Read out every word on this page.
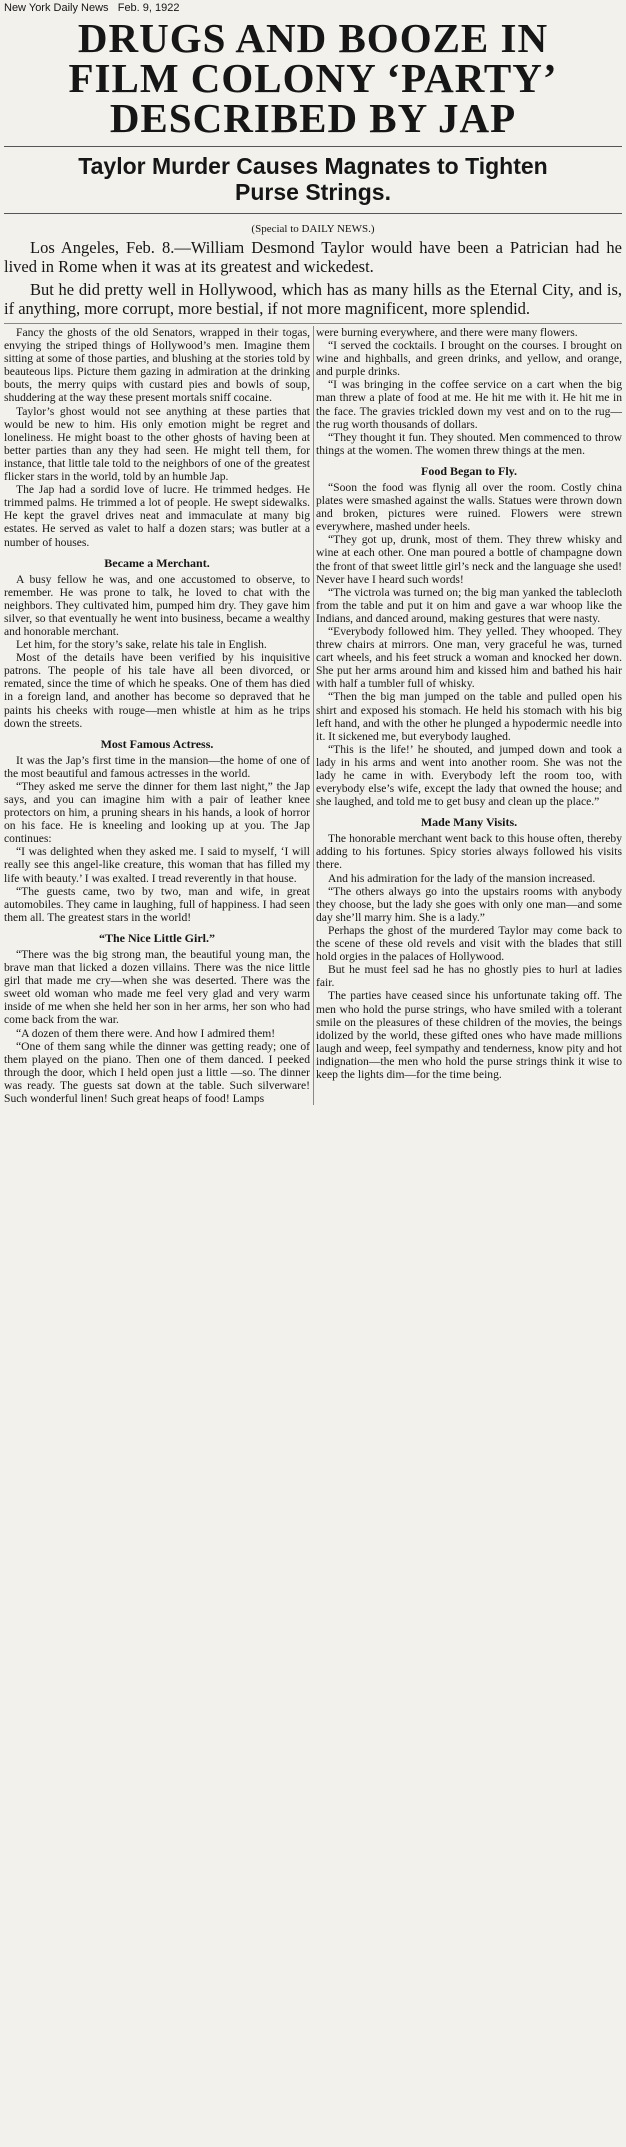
New York Daily News Feb. 9, 1922
DRUGS AND BOOZE IN
FILM COLONY ‘PARTY’
DESCRIBED BY JAP
Taylor Murder Causes Magnates to Tighten
Purse Strings.
(Special to DAILY NEWS.)

Los Angeles, Feb. 8.—William Desmond Taylor would have been a Patrician had he lived in Rome when it was at its greatest and wickedest.

But he did pretty well in Hollywood, which has as many hills as the Eternal City, and is, if anything, more corrupt, more bestial, if not more magnificent, more splendid.

Fancy the ghosts of the old Senators, wrapped in their togas, envying the striped things of Hollywood’s men. Imagine them sitting at some of those parties, and blushing at the stories told by beauteous lips. Picture them gazing in admiration at the drinking bouts, the merry quips with custard pies and bowls of soup, shuddering at the way these present mortals sniff cocaine.

Taylor’s ghost would not see anything at these parties that would be new to him. His only emotion might be regret and loneliness. He might boast to the other ghosts of having been at better parties than any they had seen. He might tell them, for instance, that little tale told to the neighbors of one of the greatest flicker stars in the world, told by an humble Jap.

The Jap had a sordid love of lucre. He trimmed hedges. He trimmed palms. He trimmed a lot of people. He swept sidewalks. He kept the gravel drives neat and immaculate at many big estates. He served as valet to half a dozen stars; was butler at a number of houses.

Became a Merchant.

A busy fellow he was, and one accustomed to observe, to remember. He was prone to talk, he loved to chat with the neighbors. They cultivated him, pumped him dry. They gave him silver, so that eventually he went into business, became a wealthy and honorable merchant.

Let him, for the story’s sake, relate his tale in English.

Most of the details have been verified by his inquisitive patrons. The people of his tale have all been divorced, or remated, since the time of which he speaks. One of them has died in a foreign land, and another has become so depraved that he paints his cheeks with rouge—men whistle at him as he trips down the streets.

Most Famous Actress.

It was the Jap’s first time in the mansion—the home of one of the most beautiful and famous actresses in the world.

“They asked me serve the dinner for them last night,” the Jap says, and you can imagine him with a pair of leather knee protectors on him, a pruning shears in his hands, a look of horror on his face. He is kneeling and looking up at you. The Jap continues:

“I was delighted when they asked me. I said to myself, ‘I will really see this angel-like creature, this woman that has filled my life with beauty.’ I was exalted. I tread reverently in that house.

“The guests came, two by two, man and wife, in great automobiles. They came in laughing, full of happiness. I had seen them all. The greatest stars in the world!

“The Nice Little Girl.”

“There was the big strong man, the beautiful young man, the brave man that licked a dozen villains. There was the nice little girl that made me cry—when she was deserted. There was the sweet old woman who made me feel very glad and very warm inside of me when she held her son in her arms, her son who had come back from the war.

“A dozen of them there were. And how I admired them!

“One of them sang while the dinner was getting ready; one of them played on the piano. Then one of them danced. I peeked through the door, which I held open just a little —so. The dinner was ready. The guests sat down at the table. Such silverware! Such wonderful linen! Such great heaps of food! Lamps

were burning everywhere, and there were many flowers.

“I served the cocktails. I brought on the courses. I brought on wine and highballs, and green drinks, and yellow, and orange, and purple drinks.

“I was bringing in the coffee service on a cart when the big man threw a plate of food at me. He hit me with it. He hit me in the face. The gravies trickled down my vest and on to the rug—the rug worth thousands of dollars.

“They thought it fun. They shouted. Men commenced to throw things at the women. The women threw things at the men.

Food Began to Fly.

“Soon the food was flynig all over the room. Costly china plates were smashed against the walls. Statues were thrown down and broken, pictures were ruined. Flowers were strewn everywhere, mashed under heels.

“They got up, drunk, most of them. They threw whisky and wine at each other. One man poured a bottle of champagne down the front of that sweet little girl’s neck and the language she used! Never have I heard such words!

“The victrola was turned on; the big man yanked the tablecloth from the table and put it on him and gave a war whoop like the Indians, and danced around, making gestures that were nasty.

“Everybody followed him. They yelled. They whooped. They threw chairs at mirrors. One man, very graceful he was, turned cart wheels, and his feet struck a woman and knocked her down. She put her arms around him and kissed him and bathed his hair with half a tumbler full of whisky.

“Then the big man jumped on the table and pulled open his shirt and exposed his stomach. He held his stomach with his big left hand, and with the other he plunged a hypodermic needle into it. It sickened me, but everybody laughed.

“This is the life!’ he shouted, and jumped down and took a lady in his arms and went into another room. She was not the lady he came in with. Everybody left the room too, with everybody else’s wife, except the lady that owned the house; and she laughed, and told me to get busy and clean up the place.”

Made Many Visits.

The honorable merchant went back to this house often, thereby adding to his fortunes. Spicy stories always followed his visits there.

And his admiration for the lady of the mansion increased.

“The others always go into the upstairs rooms with anybody they choose, but the lady she goes with only one man—and some day she’ll marry him. She is a lady.”

Perhaps the ghost of the murdered Taylor may come back to the scene of these old revels and visit with the blades that still hold orgies in the palaces of Hollywood.

But he must feel sad he has no ghostly pies to hurl at ladies fair.

The parties have ceased since his unfortunate taking off. The men who hold the purse strings, who have smiled with a tolerant smile on the pleasures of these children of the movies, the beings idolized by the world, these gifted ones who have made millions laugh and weep, feel sympathy and tenderness, know pity and hot indignation—the men who hold the purse strings think it wise to keep the lights dim—for the time being.
